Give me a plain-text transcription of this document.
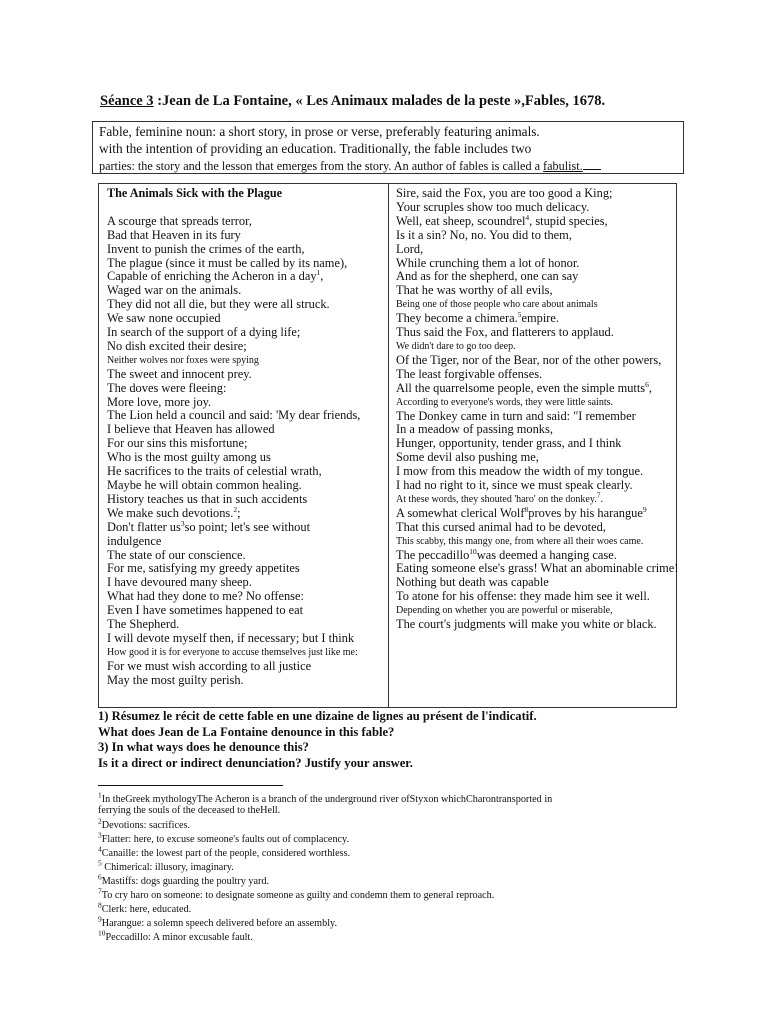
Séance 3 :Jean de La Fontaine, « Les Animaux malades de la peste »,Fables, 1678.
Fable, feminine noun: a short story, in prose or verse, preferably featuring animals.
with the intention of providing an education. Traditionally, the fable includes two
parties: the story and the lesson that emerges from the story. An author of fables is called a fabulist.
The Animals Sick with the Plague
A scourge that spreads terror,
Bad that Heaven in its fury
Invent to punish the crimes of the earth,
The plague (since it must be called by its name),
Capable of enriching the Acheron in a day$^1$,
Waged war on the animals.
They did not all die, but they were all struck.
We saw none occupied
In search of the support of a dying life;
No dish excited their desire;
Neither wolves nor foxes were spying
The sweet and innocent prey.
The doves were fleeing:
More love, more joy.
The Lion held a council and said: 'My dear friends,
I believe that Heaven has allowed
For our sins this misfortune;
Who is the most guilty among us
He sacrifices to the traits of celestial wrath,
Maybe he will obtain common healing.
History teaches us that in such accidents
We make such devotions.$^2$;
Don't flatter $us^3so$ point; let's see without
indulgence
The state of our conscience.
For me, satisfying my greedy appetites
I have devoured many sheep.
What had they done to me? No offense:
Even I have sometimes happened to eat
The Shepherd.
I will devote myself then, if necessary; but I think
How good it is for everyone to accuse themselves just like me:
For we must wish according to all justice
May the most guilty perish.
Sire, said the Fox, you are too good a King;
Your scruples show too much delicacy.
Well, eat sheep, scoundrel$^4$, stupid species,
Is it a sin? No, no. You did to them,
Lord,
While crunching them a lot of honor.
And as for the shepherd, one can say
That he was worthy of all evils,
Being one of those people who care about animals
They become a chimera.$^5$empire.
Thus said the Fox, and flatterers to applaud.
We didn't dare to go too deep.
Of the Tiger, nor of the Bear, nor of the other powers,
The least forgivable offenses.
All the quarrelsome people, even the simple mutts$^6$,
According to everyone's words, they were little saints.
The Donkey came in turn and said: "I remember
In a meadow of passing monks,
Hunger, opportunity, tender grass, and I think
Some devil also pushing me,
I mow from this meadow the width of my tongue.
I had no right to it, since we must speak clearly.
At these words, they shouted 'haro' on the donkey.$^7$.
A somewhat clerical Wolf$^8$proves by his harangue$^9$
That this cursed animal had to be devoted,
This scabby, this mangy one, from where all their woes came.
The peccadillo$^{10}$was deemed a hanging case.
Eating someone else's grass! What an abominable crime!
Nothing but death was capable
To atone for his offense: they made him see it well.
Depending on whether you are powerful or miserable,
The court's judgments will make you white or black.
1) Résumez le récit de cette fable en une dizaine de lignes au présent de l'indicatif.
What does Jean de La Fontaine denounce in this fable?
3) In what ways does he denounce this?
Is it a direct or indirect denunciation? Justify your answer.
$^1$In theGreek mythologyThe Acheron is a branch of the underground river ofStyxon whichCharontransported in
ferrying the souls of the deceased to theHell.
$^2$Devotions: sacrifices.
$^3$Flatter: here, to excuse someone's faults out of complacency.
$^4$Canaille: the lowest part of the people, considered worthless.
$^5$ Chimerical: illusory, imaginary.
$^6$Mastiffs: dogs guarding the poultry yard.
$^7$To cry haro on someone: to designate someone as guilty and condemn them to general reproach.
$^8$Clerk: here, educated.
$^9$Harangue: a solemn speech delivered before an assembly.
$^{10}$Peccadillo: A minor excusable fault.
